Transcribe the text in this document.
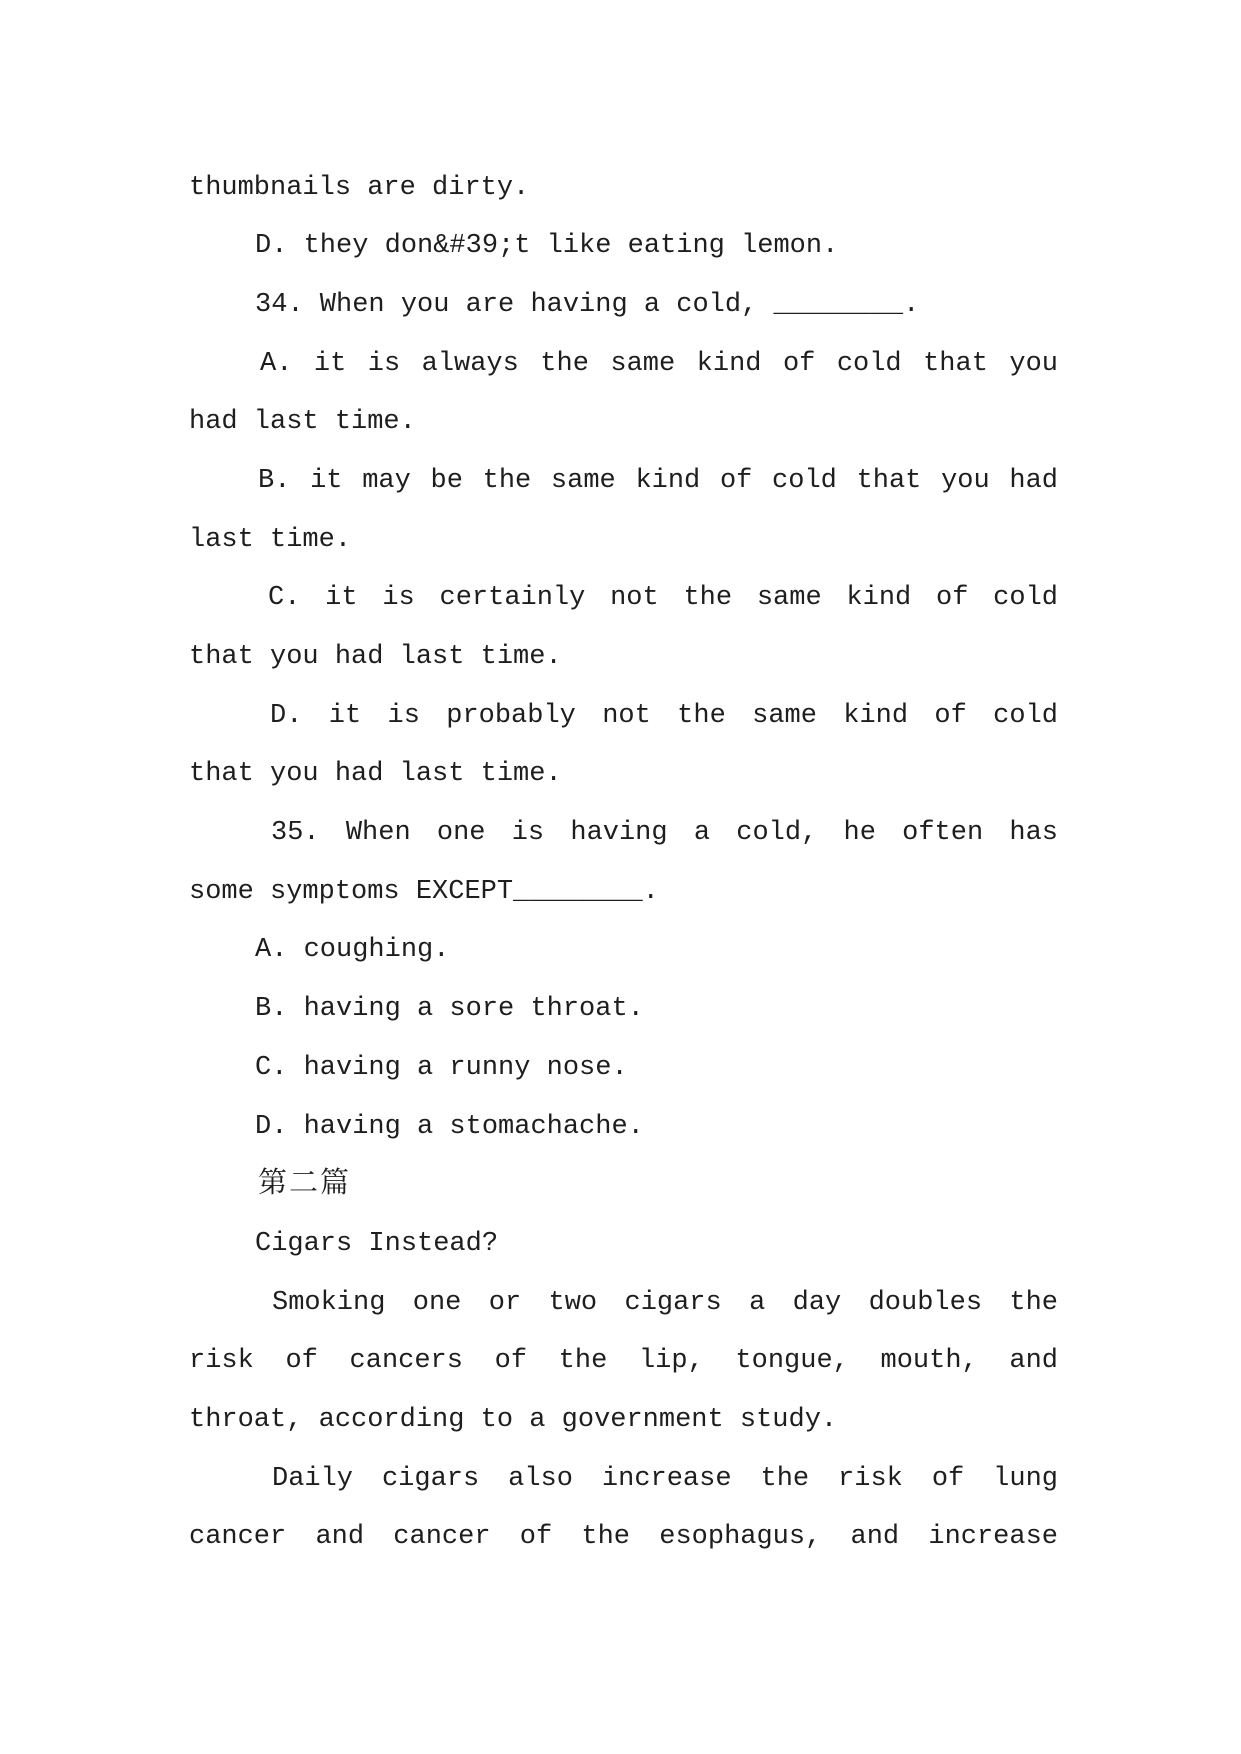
thumbnails are dirty.
D. they don&#39;t like eating lemon.
34. When you are having a cold, ________.
A. it is always the same kind of cold that you
had last time.
B. it may be the same kind of cold that you had
last time.
C. it is certainly not the same kind of cold
that you had last time.
D. it is probably not the same kind of cold
that you had last time.
35. When one is having a cold, he often has
some symptoms EXCEPT________.
A. coughing.
B. having a sore throat.
C. having a runny nose.
D. having a stomachache.
第二篇
Cigars Instead?
Smoking one or two cigars a day doubles the
risk of cancers of the lip, tongue, mouth, and
throat, according to a government study.
Daily cigars also increase the risk of lung
cancer and cancer of the esophagus, and increase
